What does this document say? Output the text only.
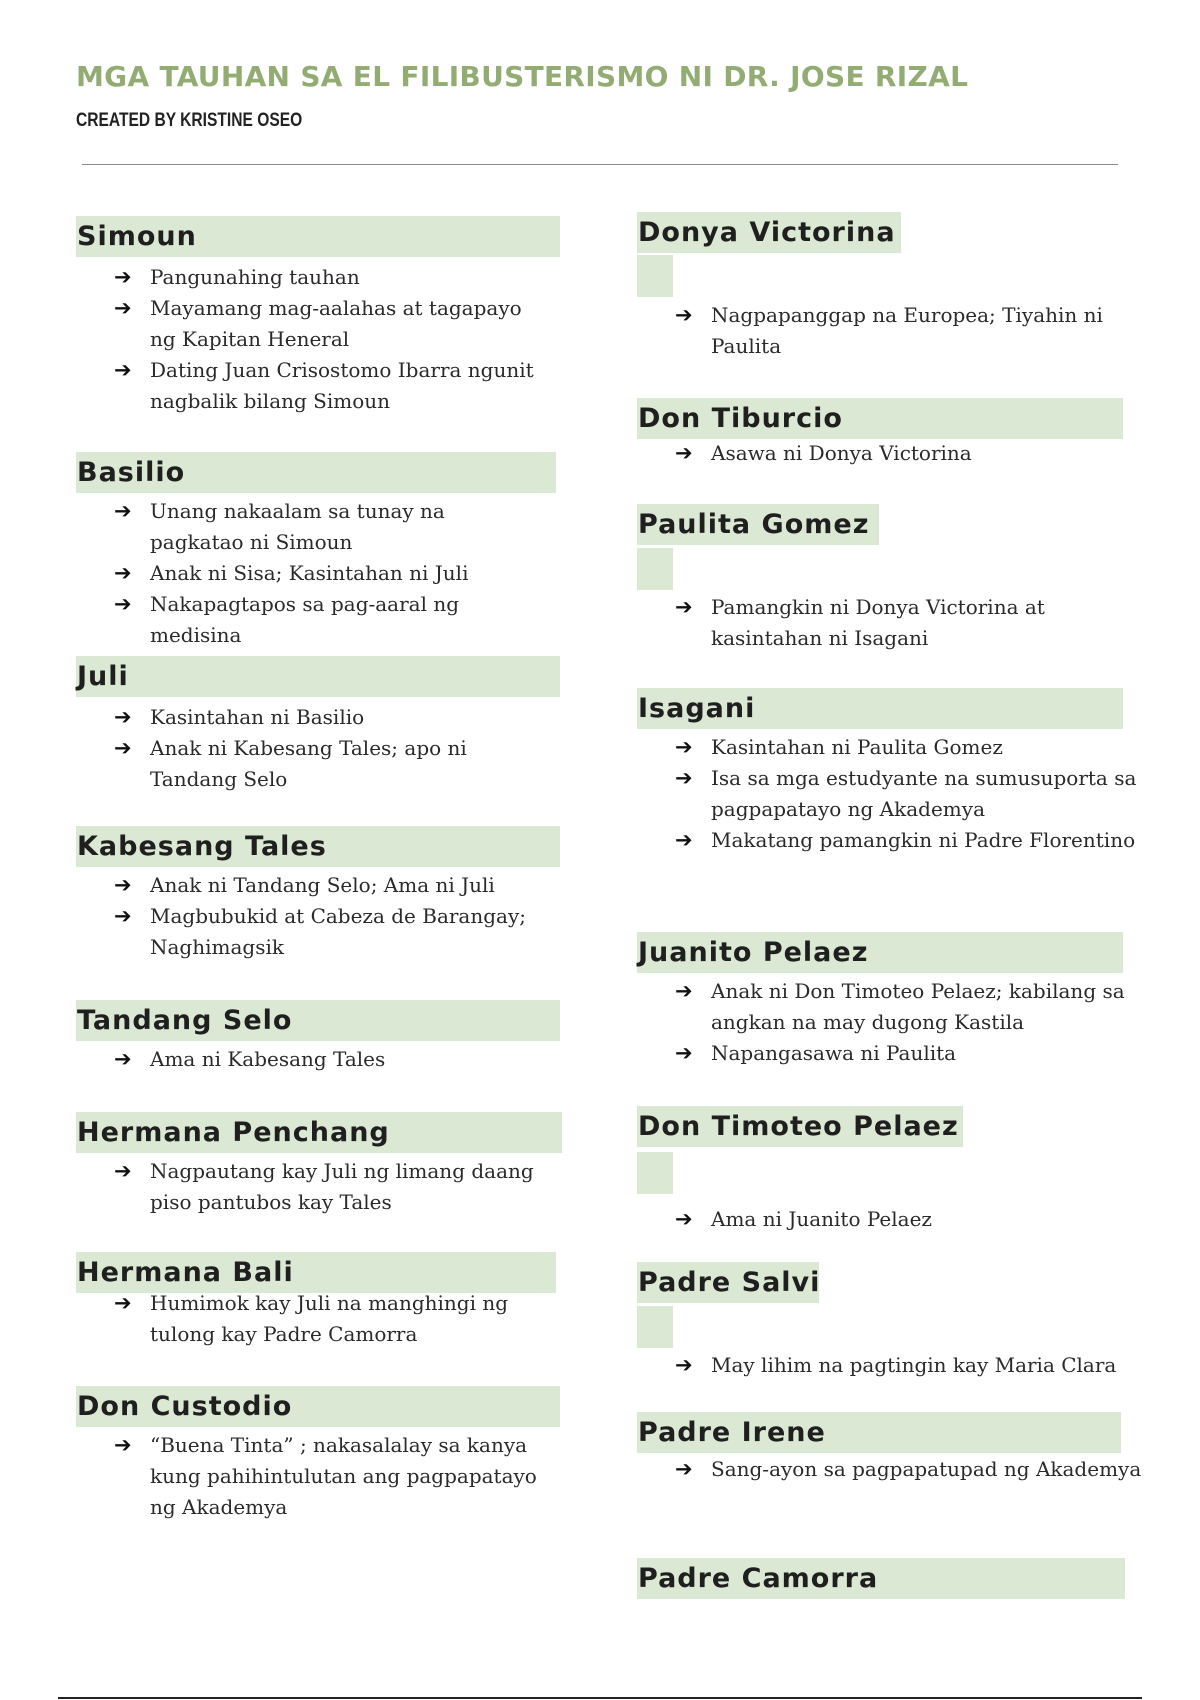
MGA TAUHAN SA EL FILIBUSTERISMO NI DR. JOSE RIZAL
CREATED BY KRISTINE OSEO
Simoun
➔ Pangunahing tauhan
➔ Mayamang mag-aalahas at tagapayo ng Kapitan Heneral
➔ Dating Juan Crisostomo Ibarra ngunit nagbalik bilang Simoun
Basilio
➔ Unang nakaalam sa tunay na pagkatao ni Simoun
➔ Anak ni Sisa; Kasintahan ni Juli
➔ Nakapagtapos sa pag-aaral ng medisina
Juli
➔ Kasintahan ni Basilio
➔ Anak ni Kabesang Tales; apo ni Tandang Selo
Kabesang Tales
➔ Anak ni Tandang Selo; Ama ni Juli
➔ Magbubukid at Cabeza de Barangay; Naghimagsik
Tandang Selo
➔ Ama ni Kabesang Tales
Hermana Penchang
➔ Nagpautang kay Juli ng limang daang piso pantubos kay Tales
Hermana Bali
➔ Humimok kay Juli na manghingi ng tulong kay Padre Camorra
Don Custodio
➔ “Buena Tinta” ; nakasalalay sa kanya kung pahihintulutan ang pagpapatayo ng Akademya
Donya Victorina
➔ Nagpapanggap na Europea; Tiyahin ni Paulita
Don Tiburcio
➔ Asawa ni Donya Victorina
Paulita Gomez
➔ Pamangkin ni Donya Victorina at kasintahan ni Isagani
Isagani
➔ Kasintahan ni Paulita Gomez
➔ Isa sa mga estudyante na sumusuporta sa pagpapatayo ng Akademya
➔ Makatang pamangkin ni Padre Florentino
Juanito Pelaez
➔ Anak ni Don Timoteo Pelaez; kabilang sa angkan na may dugong Kastila
➔ Napangasawa ni Paulita
Don Timoteo Pelaez
➔ Ama ni Juanito Pelaez
Padre Salvi
➔ May lihim na pagtingin kay Maria Clara
Padre Irene
➔ Sang-ayon sa pagpapatupad ng Akademya
Padre Camorra
